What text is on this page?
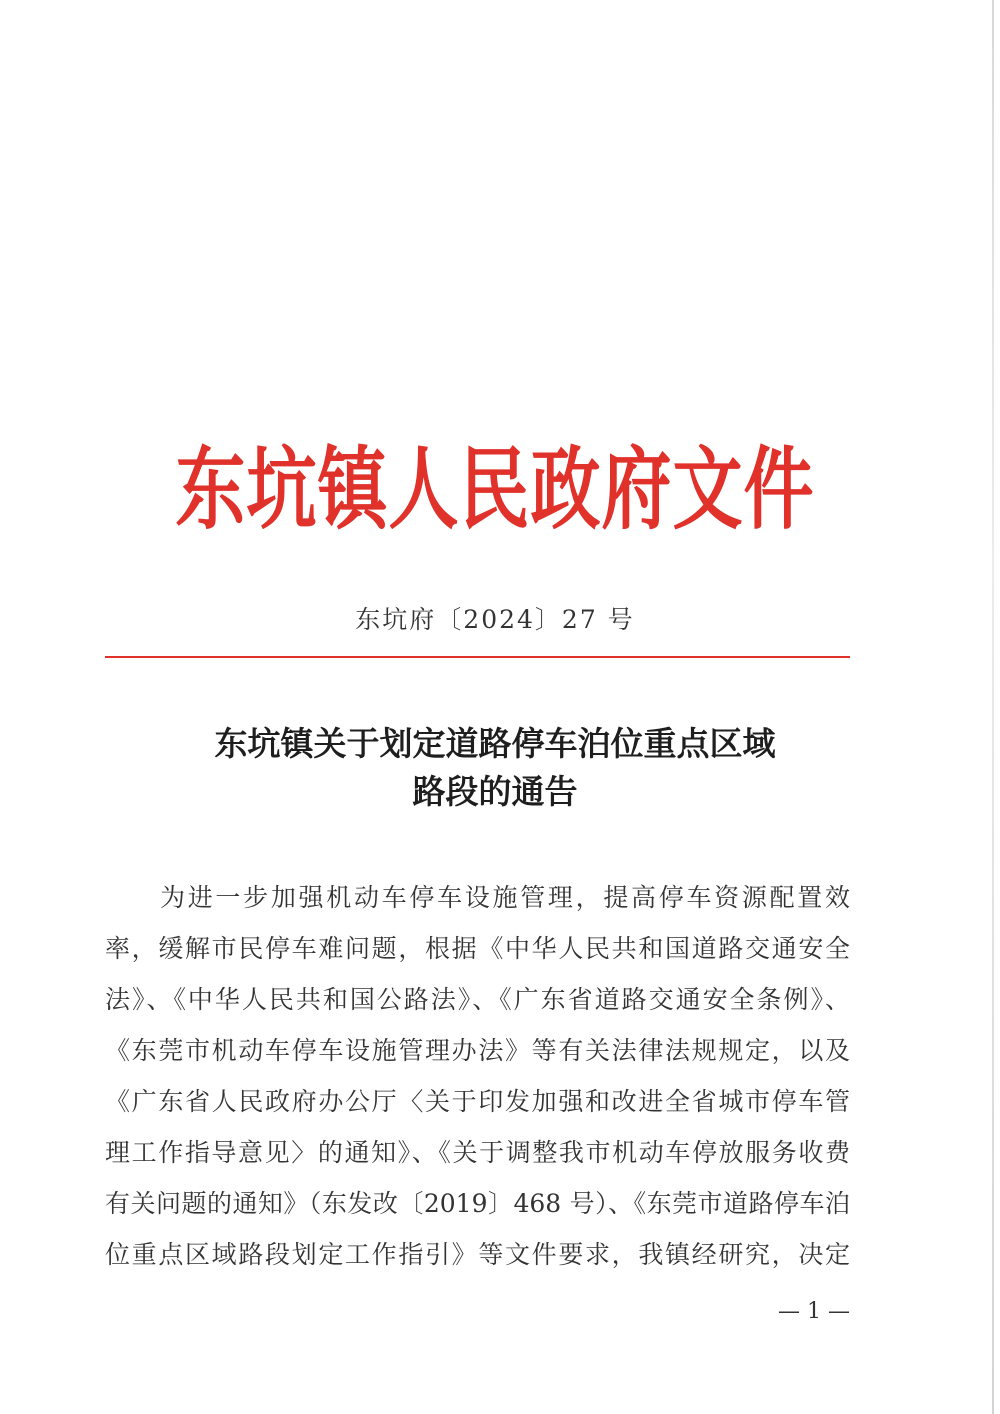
东坑镇人民政府文件
东坑府〔2024〕27 号
东坑镇关于划定道路停车泊位重点区域
路段的通告
为进一步加强机动车停车设施管理，提高停车资源配置效
率，缓解市民停车难问题，根据《中华人民共和国道路交通安全
法》、《中华人民共和国公路法》、《广东省道路交通安全条例》、
《东莞市机动车停车设施管理办法》等有关法律法规规定，以及
《广东省人民政府办公厅〈关于印发加强和改进全省城市停车管
理工作指导意见〉的通知》、《关于调整我市机动车停放服务收费
有关问题的通知》（东发改〔2019〕468 号）、《东莞市道路停车泊
位重点区域路段划定工作指引》等文件要求，我镇经研究，决定
— 1 —
